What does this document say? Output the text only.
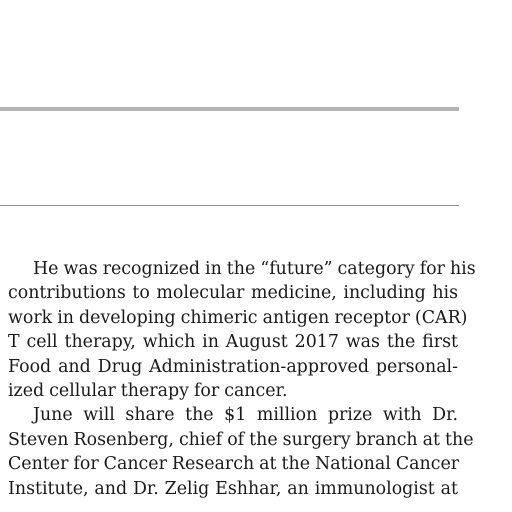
He was recognized in the “future” category for his
contributions to molecular medicine, including his
work in developing chimeric antigen receptor (CAR)
T cell therapy, which in August 2017 was the first
Food and Drug Administration-approved personal-
ized cellular therapy for cancer.
June will share the $1 million prize with Dr.
Steven Rosenberg, chief of the surgery branch at the
Center for Cancer Research at the National Cancer
Institute, and Dr. Zelig Eshhar, an immunologist at
